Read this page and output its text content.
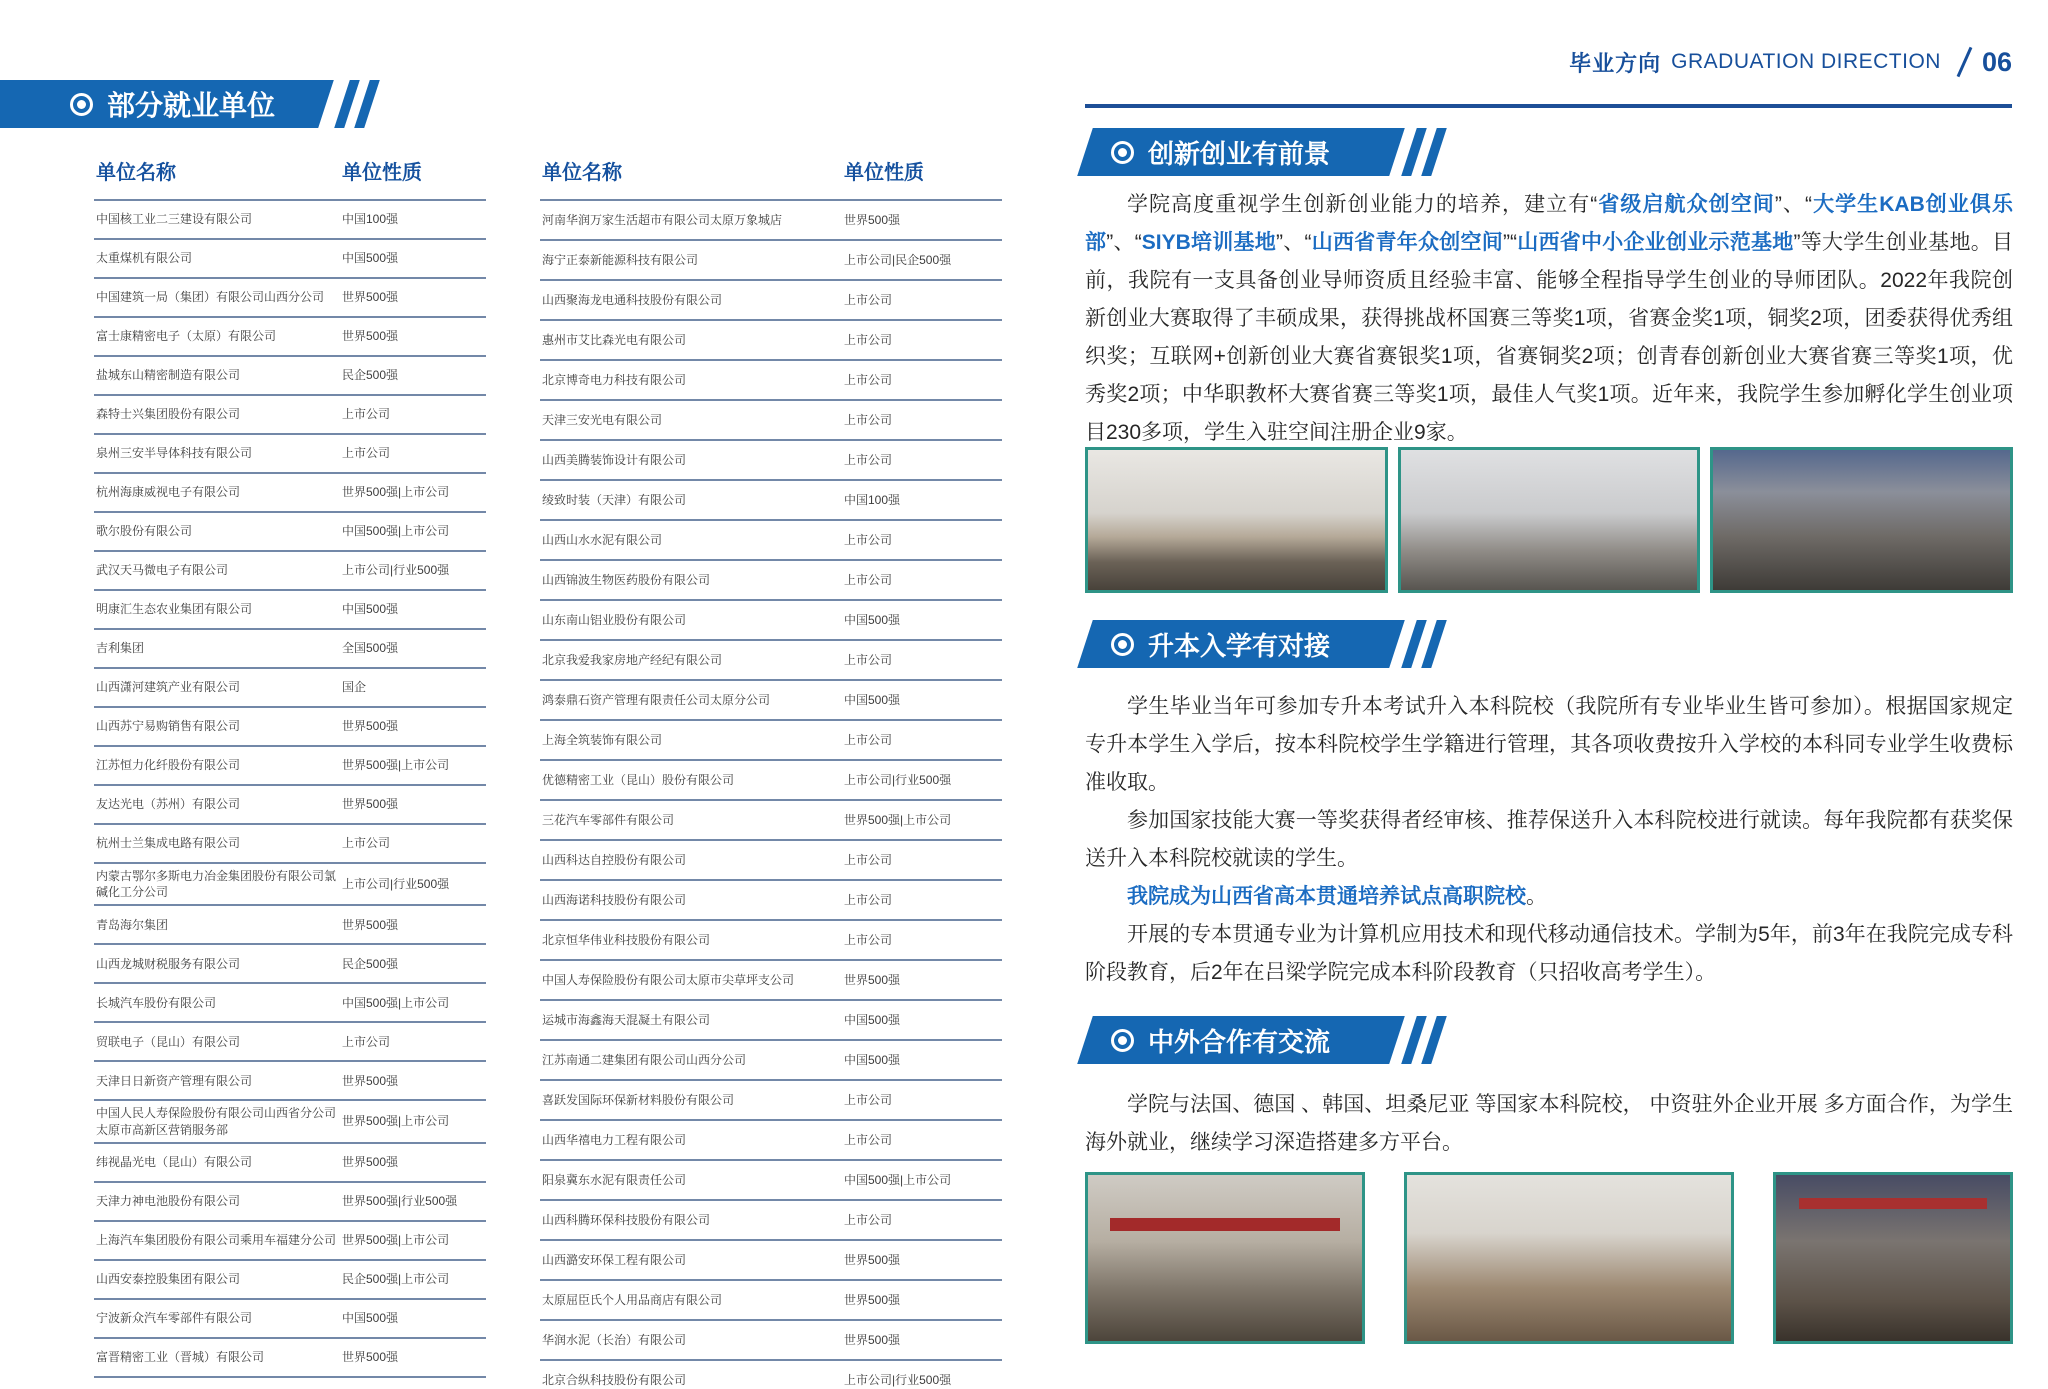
部分就业单位
单位名称	单位性质
中国核工业二三建设有限公司	中国100强
太重煤机有限公司	中国500强
中国建筑一局（集团）有限公司山西分公司	世界500强
富士康精密电子（太原）有限公司	世界500强
盐城东山精密制造有限公司	民企500强
森特士兴集团股份有限公司	上市公司
泉州三安半导体科技有限公司	上市公司
杭州海康威视电子有限公司	世界500强|上市公司
歌尔股份有限公司	中国500强|上市公司
武汉天马微电子有限公司	上市公司|行业500强
明康汇生态农业集团有限公司	中国500强
吉利集团	全国500强
山西潇河建筑产业有限公司	国企
山西苏宁易购销售有限公司	世界500强
江苏恒力化纤股份有限公司	世界500强|上市公司
友达光电（苏州）有限公司	世界500强
杭州士兰集成电路有限公司	上市公司
内蒙古鄂尔多斯电力冶金集团股份有限公司氯碱化工分公司	上市公司|行业500强
青岛海尔集团	世界500强
山西龙城财税服务有限公司	民企500强
长城汽车股份有限公司	中国500强|上市公司
贸联电子（昆山）有限公司	上市公司
天津日日新资产管理有限公司	世界500强
中国人民人寿保险股份有限公司山西省分公司太原市高新区营销服务部	世界500强|上市公司
纬视晶光电（昆山）有限公司	世界500强
天津力神电池股份有限公司	世界500强|行业500强
上海汽车集团股份有限公司乘用车福建分公司	世界500强|上市公司
山西安泰控股集团有限公司	民企500强|上市公司
宁波新众汽车零部件有限公司	中国500强
富晋精密工业（晋城）有限公司	世界500强
单位名称	单位性质
河南华润万家生活超市有限公司太原万象城店	世界500强
海宁正泰新能源科技有限公司	上市公司|民企500强
山西聚海龙电通科技股份有限公司	上市公司
惠州市艾比森光电有限公司	上市公司
北京博奇电力科技有限公司	上市公司
天津三安光电有限公司	上市公司
山西美腾装饰设计有限公司	上市公司
绫致时装（天津）有限公司	中国100强
山西山水水泥有限公司	上市公司
山西锦波生物医药股份有限公司	上市公司
山东南山铝业股份有限公司	中国500强
北京我爱我家房地产经纪有限公司	上市公司
鸿泰鼎石资产管理有限责任公司太原分公司	中国500强
上海全筑装饰有限公司	上市公司
优德精密工业（昆山）股份有限公司	上市公司|行业500强
三花汽车零部件有限公司	世界500强|上市公司
山西科达自控股份有限公司	上市公司
山西海诺科技股份有限公司	上市公司
北京恒华伟业科技股份有限公司	上市公司
中国人寿保险股份有限公司太原市尖草坪支公司	世界500强
运城市海鑫海天混凝土有限公司	中国500强
江苏南通二建集团有限公司山西分公司	中国500强
喜跃发国际环保新材料股份有限公司	上市公司
山西华禧电力工程有限公司	上市公司
阳泉冀东水泥有限责任公司	中国500强|上市公司
山西科腾环保科技股份有限公司	上市公司
山西潞安环保工程有限公司	世界500强
太原屈臣氏个人用品商店有限公司	世界500强
华润水泥（长治）有限公司	世界500强
北京合纵科技股份有限公司	上市公司|行业500强
毕业方向 GRADUATION DIRECTION 06
创新创业有前景

学院高度重视学生创新创业能力的培养，建立有“省级启航众创空间”、“大学生KAB创业俱乐部”、“SIYB培训基地”、“山西省青年众创空间”“山西省中小企业创业示范基地”等大学生创业基地。目前，我院有一支具备创业导师资质且经验丰富、能够全程指导学生创业的导师团队。2022年我院创新创业大赛取得了丰硕成果，获得挑战杯国赛三等奖1项，省赛金奖1项，铜奖2项，团委获得优秀组织奖；互联网+创新创业大赛省赛银奖1项，省赛铜奖2项；创青春创新创业大赛省赛三等奖1项，优秀奖2项；中华职教杯大赛省赛三等奖1项，最佳人气奖1项。近年来，我院学生参加孵化学生创业项目230多项，学生入驻空间注册企业9家。

升本入学有对接

学生毕业当年可参加专升本考试升入本科院校（我院所有专业毕业生皆可参加）。根据国家规定专升本学生入学后，按本科院校学生学籍进行管理，其各项收费按升入学校的本科同专业学生收费标准收取。

参加国家技能大赛一等奖获得者经审核、推荐保送升入本科院校进行就读。每年我院都有获奖保送升入本科院校就读的学生。

我院成为山西省高本贯通培养试点高职院校。

开展的专本贯通专业为计算机应用技术和现代移动通信技术。学制为5年，前3年在我院完成专科阶段教育，后2年在吕梁学院完成本科阶段教育（只招收高考学生）。

中外合作有交流

学院与法国、德国 、韩国、坦桑尼亚 等国家本科院校， 中资驻外企业开展 多方面合作，为学生海外就业，继续学习深造搭建多方平台。
